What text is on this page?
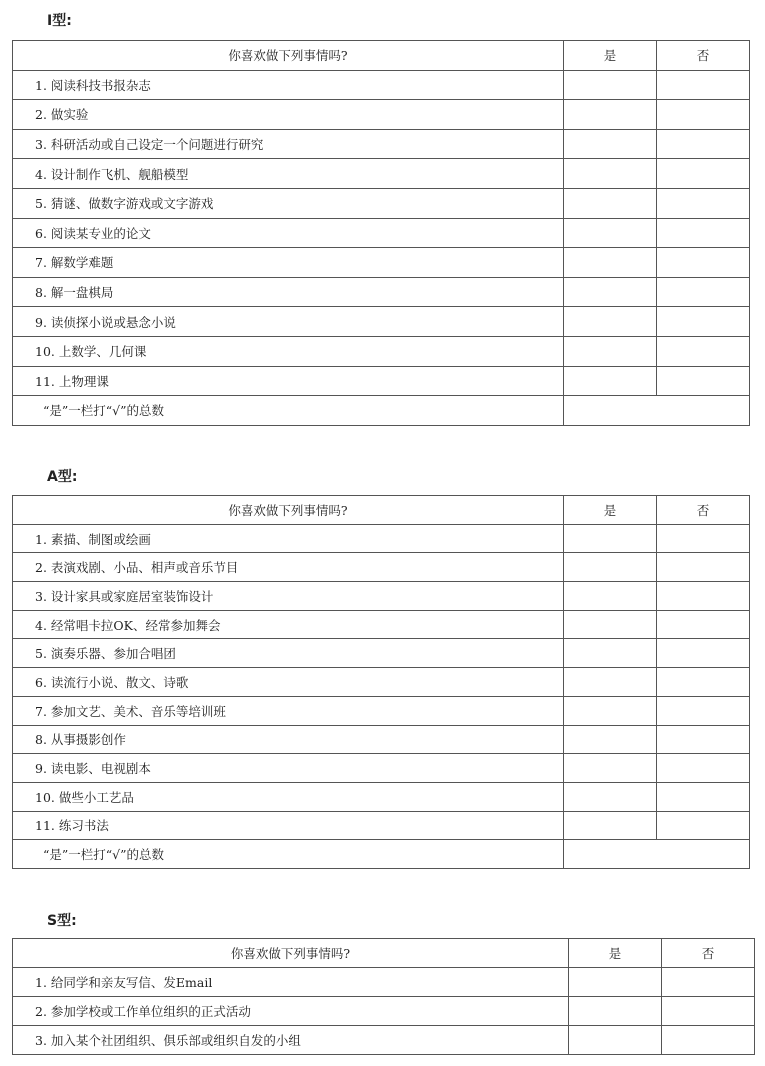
I型:
你喜欢做下列事情吗?	是	否
1. 阅读科技书报杂志		
2. 做实验		
3. 科研活动或自己设定一个问题进行研究		
4. 设计制作飞机、舰船模型		
5. 猜谜、做数字游戏或文字游戏		
6. 阅读某专业的论文		
7. 解数学难题		
8. 解一盘棋局		
9. 读侦探小说或悬念小说		
10. 上数学、几何课		
11. 上物理课		
“是”一栏打“√”的总数		
A型:
你喜欢做下列事情吗?	是	否
1. 素描、制图或绘画		
2. 表演戏剧、小品、相声或音乐节目		
3. 设计家具或家庭居室装饰设计		
4. 经常唱卡拉OK、经常参加舞会		
5. 演奏乐器、参加合唱团		
6. 读流行小说、散文、诗歌		
7. 参加文艺、美术、音乐等培训班		
8. 从事摄影创作		
9. 读电影、电视剧本		
10. 做些小工艺品		
11. 练习书法		
“是”一栏打“√”的总数		
S型:
你喜欢做下列事情吗?	是	否
1. 给同学和亲友写信、发Email		
2. 参加学校或工作单位组织的正式活动		
3. 加入某个社团组织、俱乐部或组织自发的小组		
